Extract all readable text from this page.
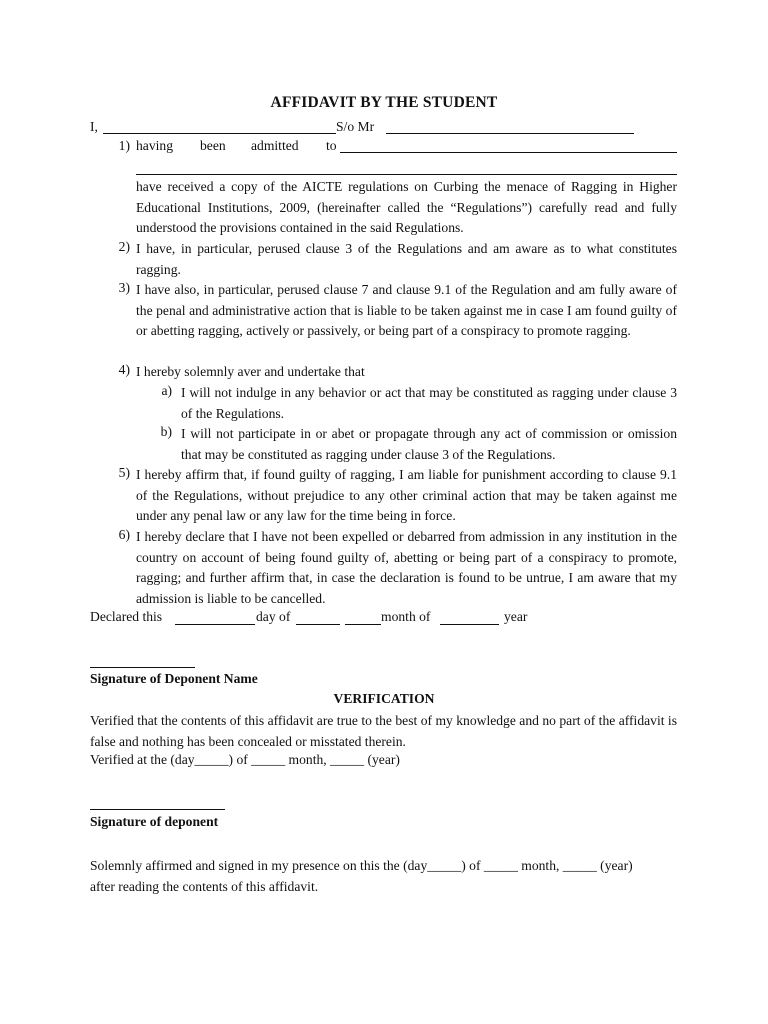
AFFIDAVIT BY THE STUDENT
I,	S/o Mr
1) having been admitted to
have received a copy of the AICTE regulations on Curbing the menace of Ragging in Higher Educational Institutions, 2009, (hereinafter called the “Regulations”) carefully read and fully understood the provisions contained in the said Regulations.
2) I have, in particular, perused clause 3 of the Regulations and am aware as to what constitutes ragging.
3) I have also, in particular, perused clause 7 and clause 9.1 of the Regulation and am fully aware of the penal and administrative action that is liable to be taken against me in case I am found guilty of or abetting ragging, actively or passively, or being part of a conspiracy to promote ragging.
4) I hereby solemnly aver and undertake that
a) I will not indulge in any behavior or act that may be constituted as ragging under clause 3 of the Regulations.
b) I will not participate in or abet or propagate through any act of commission or omission that may be constituted as ragging under clause 3 of the Regulations.
5) I hereby affirm that, if found guilty of ragging, I am liable for punishment according to clause 9.1 of the Regulations, without prejudice to any other criminal action that may be taken against me under any penal law or any law for the time being in force.
6) I hereby declare that I have not been expelled or debarred from admission in any institution in the country on account of being found guilty of, abetting or being part of a conspiracy to promote, ragging; and further affirm that, in case the declaration is found to be untrue, I am aware that my admission is liable to be cancelled.
Declared this	day of	month of	year
Signature of Deponent Name
VERIFICATION
Verified that the contents of this affidavit are true to the best of my knowledge and no part of the affidavit is false and nothing has been concealed or misstated therein.
Verified at the (day_____) of _____ month, _____ (year)
Signature of deponent
Solemnly affirmed and signed in my presence on this the (day_____) of _____ month, _____ (year) after reading the contents of this affidavit.
